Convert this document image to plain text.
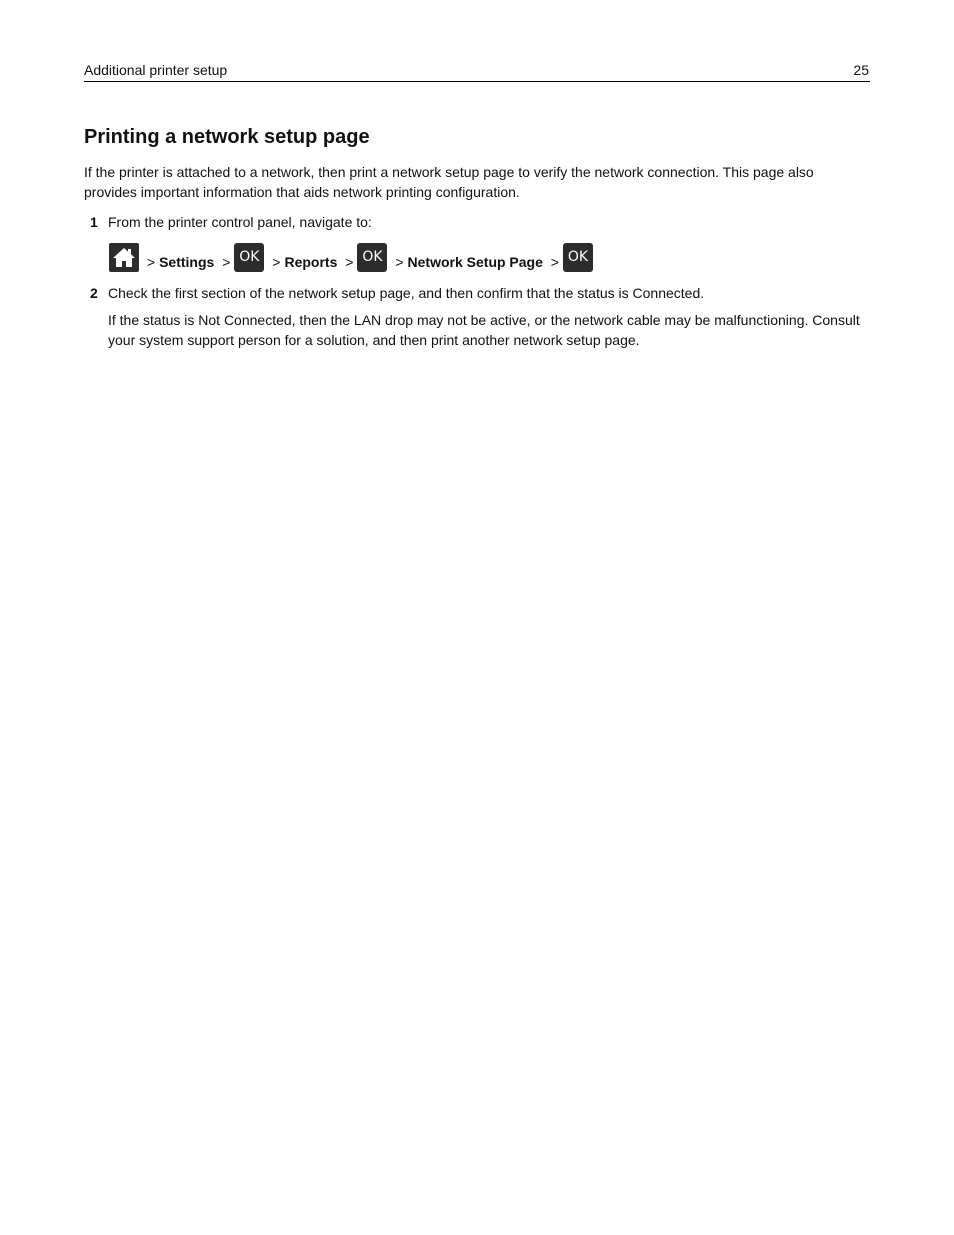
Additional printer setup	25
Printing a network setup page

If the printer is attached to a network, then print a network setup page to verify the network connection. This page also provides important information that aids network printing configuration.

1 From the printer control panel, navigate to:

> Settings > OK > Reports > OK > Network Setup Page > OK
2 Check the first section of the network setup page, and then confirm that the status is Connected.

If the status is Not Connected, then the LAN drop may not be active, or the network cable may be malfunctioning. Consult your system support person for a solution, and then print another network setup page.
